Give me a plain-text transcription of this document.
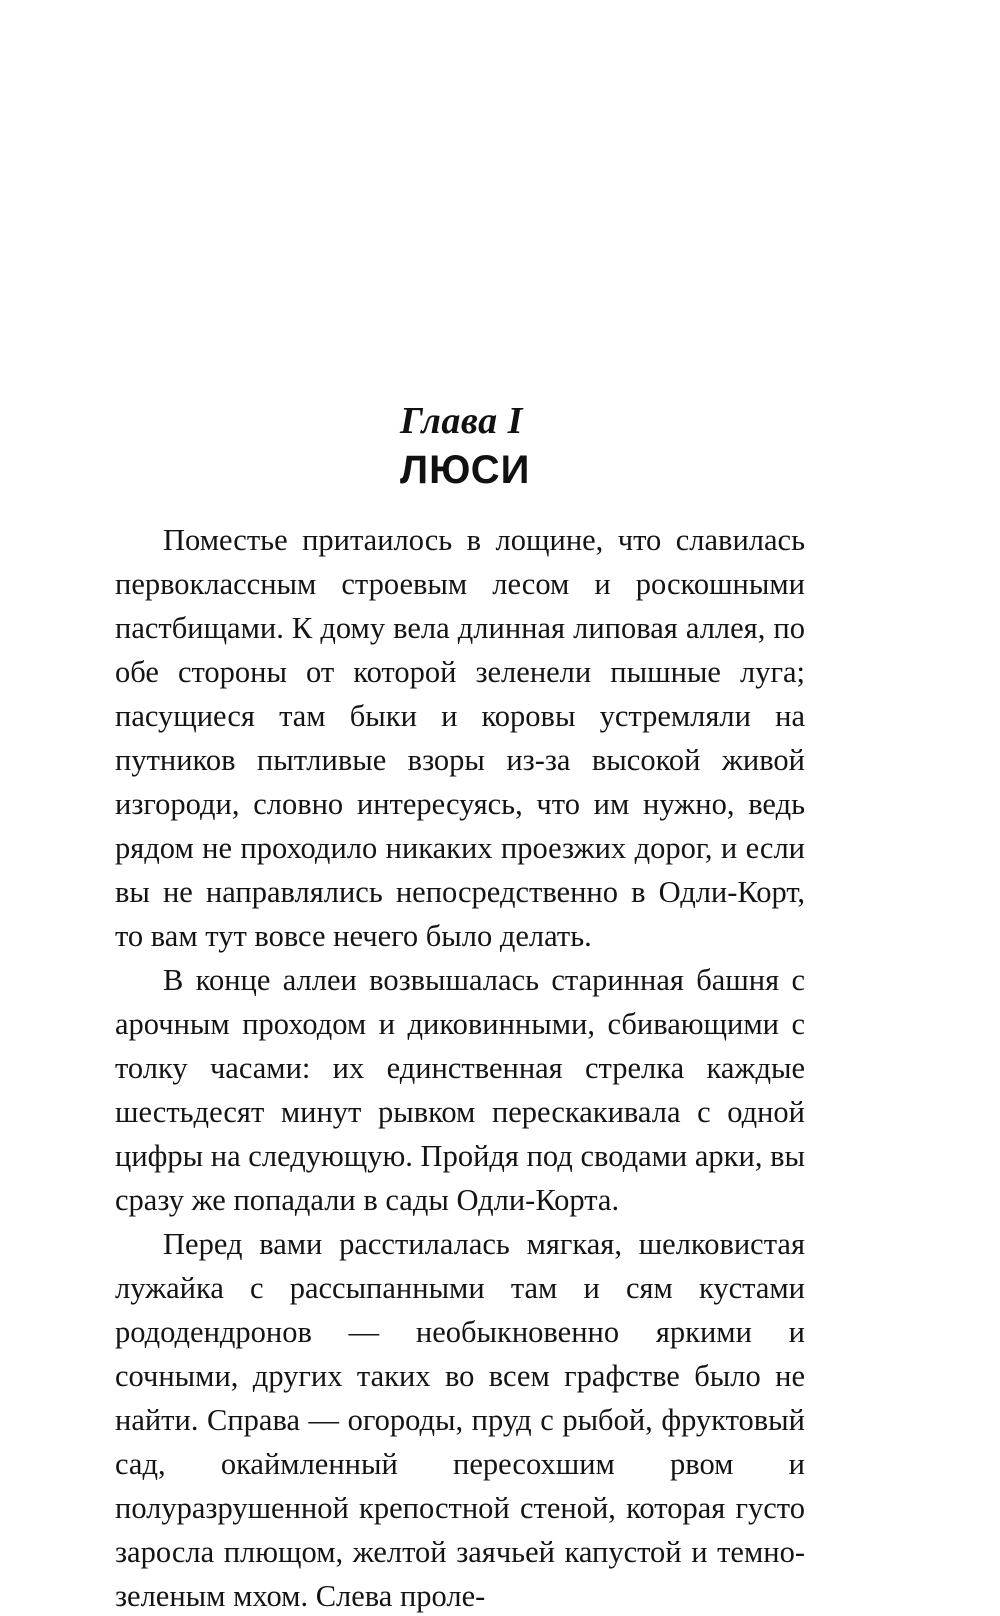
Глава I
ЛЮСИ

Поместье притаилось в лощине, что славилась первоклассным строевым лесом и роскошными пастбищами. К дому вела длинная липовая аллея, по обе стороны от которой зеленели пышные луга; пасущиеся там быки и коровы устремляли на путников пытливые взоры из-за высокой живой изгороди, словно интересуясь, что им нужно, ведь рядом не проходило никаких проезжих дорог, и если вы не направлялись непосредственно в Одли-Корт, то вам тут вовсе нечего было делать.

В конце аллеи возвышалась старинная башня с арочным проходом и диковинными, сбивающими с толку часами: их единственная стрелка каждые шестьдесят минут рывком перескакивала с одной цифры на следующую. Пройдя под сводами арки, вы сразу же попадали в сады Одли-Корта.

Перед вами расстилалась мягкая, шелковистая лужайка с рассыпанными там и сям кустами рододендронов — необыкновенно яркими и сочными, других таких во всем графстве было не найти. Справа — огороды, пруд с рыбой, фруктовый сад, окаймленный пересохшим рвом и полуразрушенной крепостной стеной, которая густо заросла плющом, желтой заячьей капустой и темно-зеленым мхом. Слева проле-
